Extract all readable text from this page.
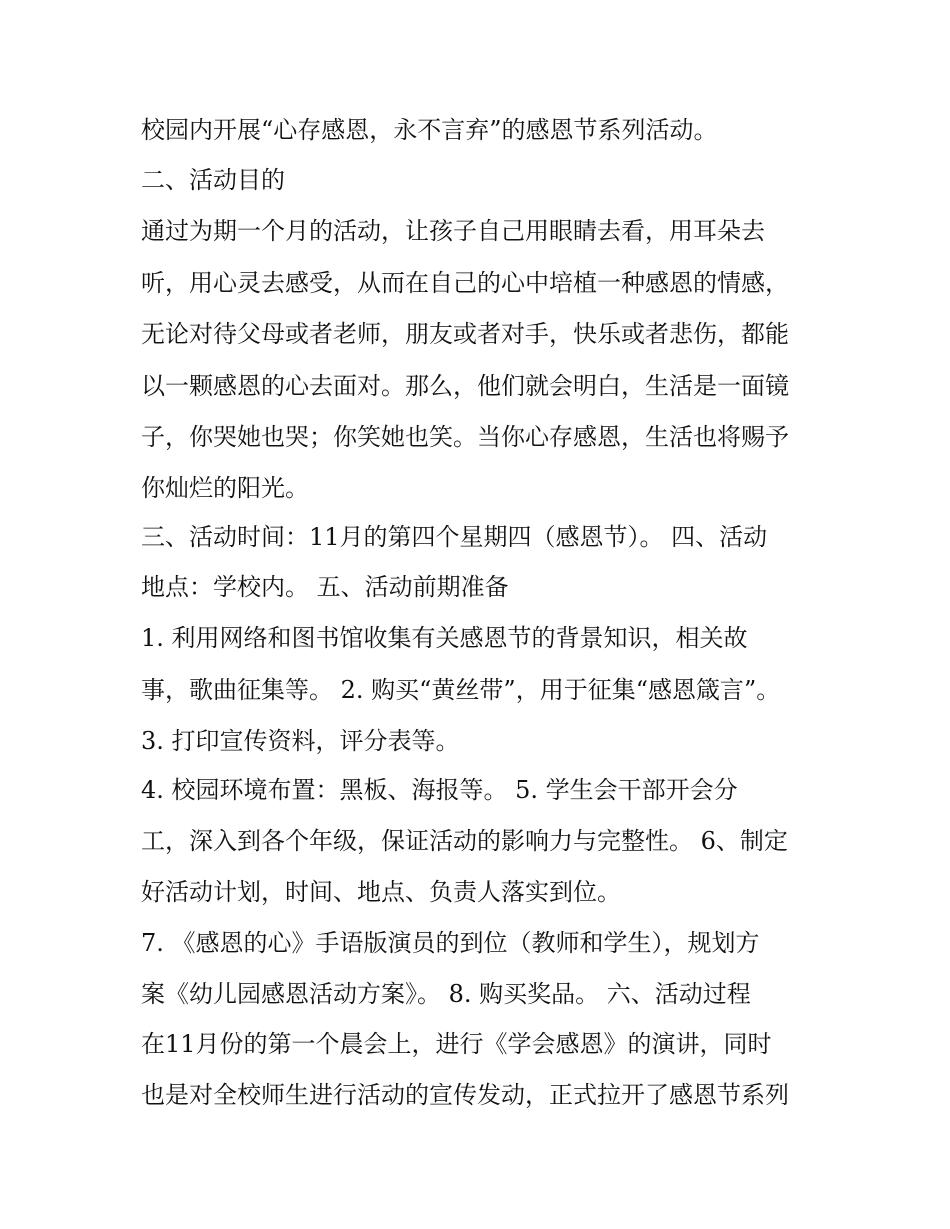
校园内开展“心存感恩，永不言弃”的感恩节系列活动。
二、活动目的
通过为期一个月的活动，让孩子自己用眼睛去看，用耳朵去
听，用心灵去感受，从而在自己的心中培植一种感恩的情感，
无论对待父母或者老师，朋友或者对手，快乐或者悲伤，都能
以一颗感恩的心去面对。那么，他们就会明白，生活是一面镜
子，你哭她也哭；你笑她也笑。当你心存感恩，生活也将赐予
你灿烂的阳光。
三、活动时间：11月的第四个星期四（感恩节）。 四、活动
地点：学校内。 五、活动前期准备
1. 利用网络和图书馆收集有关感恩节的背景知识，相关故
事，歌曲征集等。 2. 购买“黄丝带”，用于征集“感恩箴言”。
3. 打印宣传资料，评分表等。
4. 校园环境布置：黑板、海报等。 5. 学生会干部开会分
工，深入到各个年级，保证活动的影响力与完整性。 6、制定
好活动计划，时间、地点、负责人落实到位。
7. 《感恩的心》手语版演员的到位（教师和学生），规划方
案《幼儿园感恩活动方案》。 8. 购买奖品。 六、活动过程
在11月份的第一个晨会上，进行《学会感恩》的演讲，同时
也是对全校师生进行活动的宣传发动，正式拉开了感恩节系列
